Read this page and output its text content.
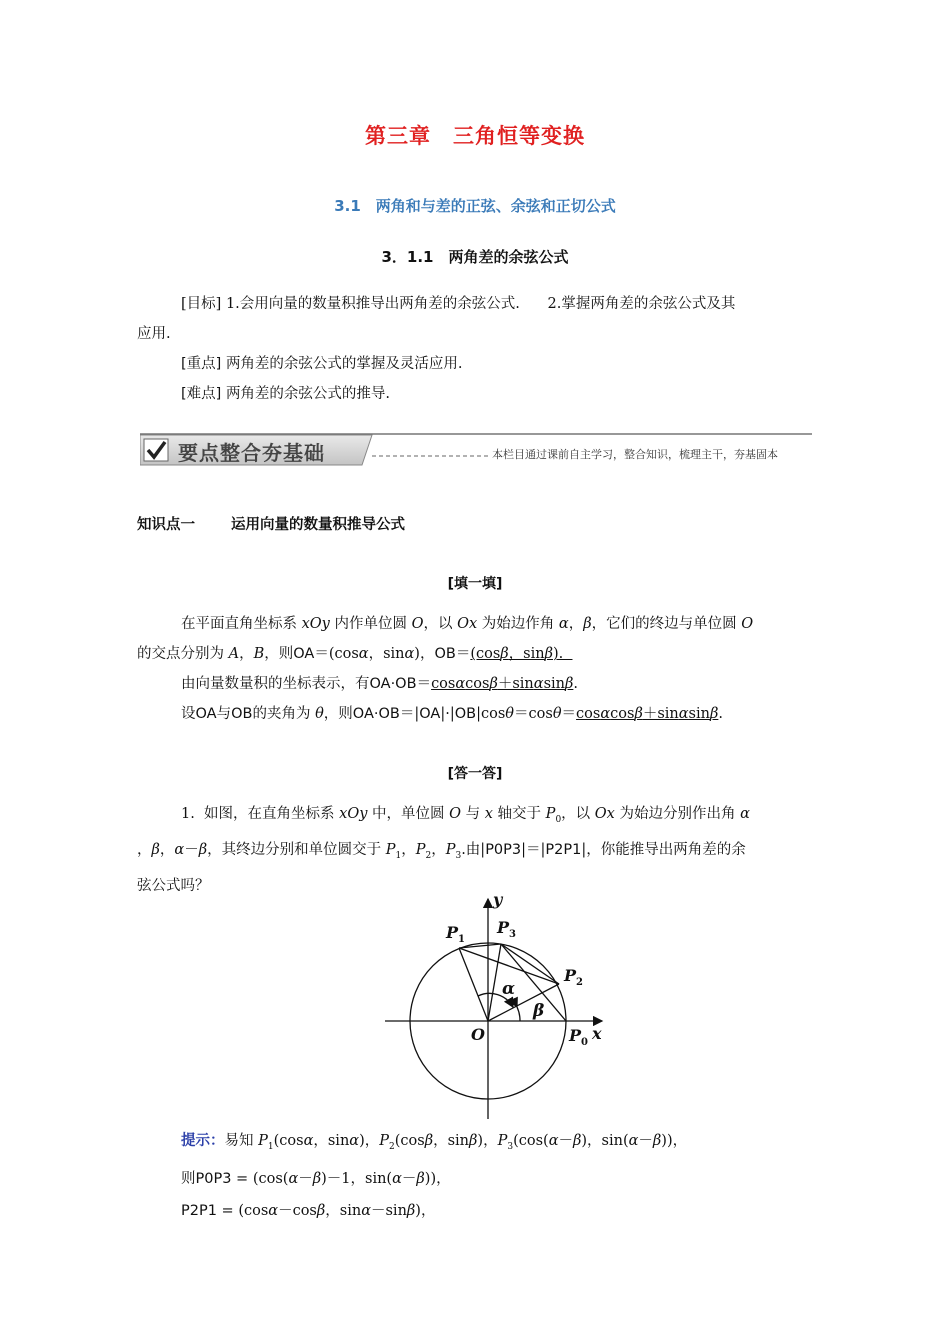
第三章　三角恒等变换
3.1　两角和与差的正弦、余弦和正切公式
3．1.1　两角差的余弦公式
[目标] 1.会用向量的数量积推导出两角差的余弦公式. 2.掌握两角差的余弦公式及其
应用.
[重点] 两角差的余弦公式的掌握及灵活应用.
[难点] 两角差的余弦公式的推导.
要点整合夯基础	本栏目通过课前自主学习，整合知识，梳理主干，夯基固本
知识点一 运用向量的数量积推导公式
[填一填]
在平面直角坐标系 xOy 内作单位圆 O，以 Ox 为始边作角 α，β，它们的终边与单位圆 O
的交点分别为 A，B，则OA＝(cosα，sinα)，OB＝(cosβ，sinβ).
由向量数量积的坐标表示，有OA·OB＝cosαcosβ＋sinαsinβ.
设OA与OB的夹角为 θ，则OA·OB＝|OA|·|OB|cosθ＝cosθ＝cosαcosβ＋sinαsinβ.
[答一答]
1.  如图，在直角坐标系 xOy 中，单位圆 O 与 x 轴交于 $P_0$，以 Ox 为始边分别作出角 α
，β，α－β，其终边分别和单位圆交于 $P_1$，$P_2$，$P_3$.由|P0P3|＝|P2P1|，你能推导出两角差的余
弦公式吗？
y
x
O
α
β
$P_1$
$P_3$
$P_2$
$P_0$
提示：易知 $P_1(\cos\alpha$，sinα)，$P_2(\cos\beta$，sinβ)，$P_3(\cos(\alpha-\beta)$，sin(α－β))，
则P0P3 = (cos(α－β)－1，sin(α－β))，
P2P1 = (cosα－cosβ，sinα－sinβ)，
